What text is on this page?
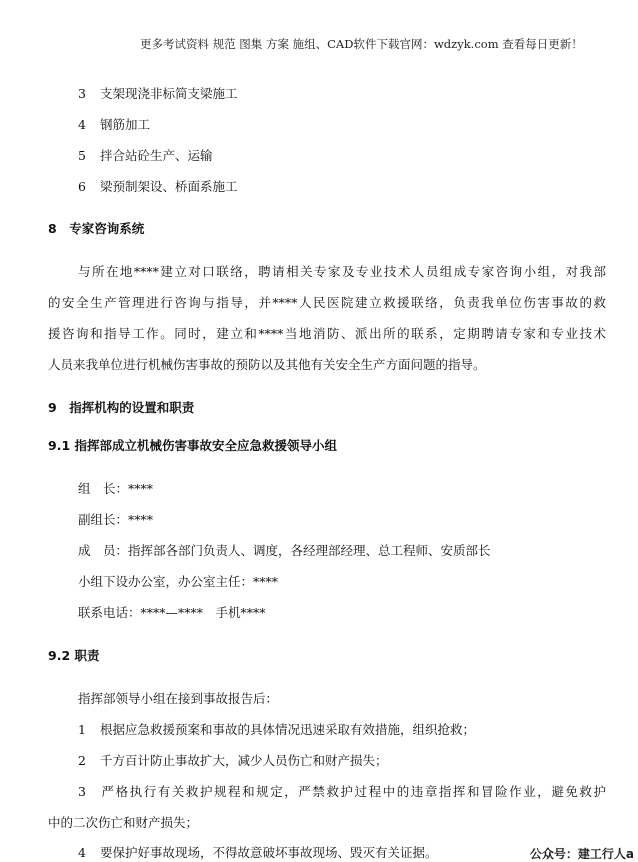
更多考试资料 规范 图集 方案 施组、CAD软件下载官网：wdzyk.com 查看每日更新！
3 支架现浇非标简支梁施工
4 钢筋加工
5 拌合站砼生产、运输
6 梁预制架设、桥面系施工
8　专家咨询系统
与所在地****建立对口联络，聘请相关专家及专业技术人员组成专家咨询小组，对我部
的安全生产管理进行咨询与指导，并****人民医院建立救援联络，负责我单位伤害事故的救
援咨询和指导工作。同时，建立和****当地消防、派出所的联系，定期聘请专家和专业技术
人员来我单位进行机械伤害事故的预防以及其他有关安全生产方面问题的指导。
9　指挥机构的设置和职责
9.1 指挥部成立机械伤害事故安全应急救援领导小组
组　长：****
副组长：****
成　员：指挥部各部门负责人、调度，各经理部经理、总工程师、安质部长
小组下设办公室，办公室主任：****
联系电话：****—****　手机****
9.2 职责
指挥部领导小组在接到事故报告后：
1 根据应急救援预案和事故的具体情况迅速采取有效措施，组织抢救；
2 千方百计防止事故扩大，减少人员伤亡和财产损失；
3 严格执行有关救护规程和规定，严禁救护过程中的违章指挥和冒险作业，避免救护
中的二次伤亡和财产损失；
4 要保护好事故现场，不得故意破坏事故现场、毁灭有关证据。	公众号：建工行人a
